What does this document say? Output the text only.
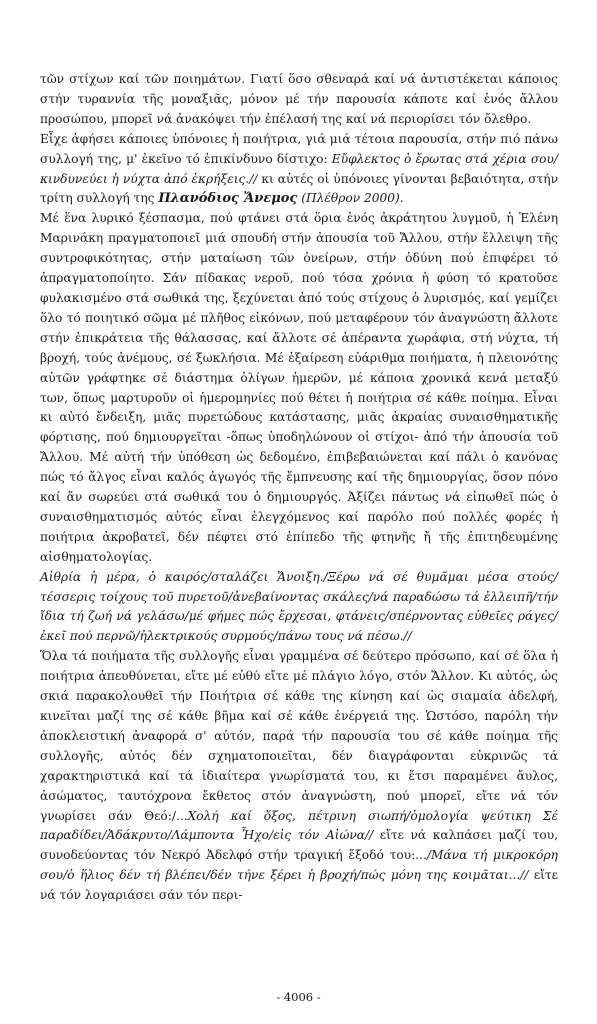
τῶν στίχων καί τῶν ποιημάτων. Γιατί ὅσο σθεναρά καί νά ἀντιστέκεται κάποιος στήν τυραννία τῆς μοναξιᾶς, μόνον μέ τήν παρουσία κάποτε καί ἑνός ἄλλου προσώπου, μπορεῖ νά ἀνακόψει τήν ἐπέλασή της καί νά περιορίσει τόν ὄλεθρο.

Εἶχε ἀφήσει κάποιες ὑπόνοιες ἡ ποιήτρια, γιά μιά τέτοια παρουσία, στήν πιό πάνω συλλογή της, μ' ἐκεῖνο τό ἐπικίνδυνο δίστιχο: Εὔφλεκτος ὁ ἔρωτας στά χέρια σου/κινδυνεύει ἡ νύχτα ἀπό ἐκρήξεις.// κι αὐτές οἱ ὑπόνοιες γίνονται βεβαιότητα, στήν τρίτη συλλογή της Πλανόδιος Ἄνεμος (Πλέθρον 2000).

Μέ ἕνα λυρικό ξέσπασμα, πού φτάνει στά ὅρια ἑνός ἀκράτητου λυγμοῦ, ἡ Ἑλένη Μαρινάκη πραγματοποιεῖ μιά σπουδή στήν ἀπουσία τοῦ Ἄλλου, στήν ἔλλειψη τῆς συντροφικότητας, στήν ματαίωση τῶν ὀνείρων, στήν ὀδύνη πού ἐπιφέρει τό ἀπραγματοποίητο. Σάν πίδακας νεροῦ, πού τόσα χρόνια ἡ φύση τό κρατοῦσε φυλακισμένο στά σωθικά της, ξεχύνεται ἀπό τούς στίχους ὁ λυρισμός, καί γεμίζει ὅλο τό ποιητικό σῶμα μέ πλῆθος εἰκόνων, πού μεταφέρουν τόν ἀναγνώστη ἄλλοτε στήν ἐπικράτεια τῆς θάλασσας, καί ἄλλοτε σέ ἀπέραντα χωράφια, στή νύχτα, τή βροχή, τούς ἀνέμους, σέ ξωκλήσια. Μέ ἐξαίρεση εὐάριθμα ποιήματα, ἡ πλειονότης αὐτῶν γράφτηκε σέ διάστημα ὀλίγων ἡμερῶν, μέ κάποια χρονικά κενά μεταξύ των, ὅπως μαρτυροῦν οἱ ἡμερομηνίες πού θέτει ἡ ποιήτρια σέ κάθε ποίημα. Εἶναι κι αὐτό ἔνδειξη, μιᾶς πυρετώδους κατάστασης, μιᾶς ἀκραίας συναισθηματικῆς φόρτισης, πού δημιουργεῖται -ὅπως ὑποδηλώνουν οἱ στίχοι- ἀπό τήν ἀπουσία τοῦ Ἄλλου. Μέ αὐτή τήν ὑπόθεση ὡς δεδομένο, ἐπιβεβαιώνεται καί πάλι ὁ κανόνας πώς τό ἄλγος εἶναι καλός ἀγωγός τῆς ἔμπνευσης καί τῆς δημιουργίας, ὅσον πόνο καί ἄν σωρεύει στά σωθικά του ὁ δημιουργός. Ἀξίζει πάντως νά εἰπωθεῖ πώς ὁ συναισθηματισμός αὐτός εἶναι ἐλεγχόμενος καί παρόλο πού πολλές φορές ἡ ποιήτρια ἀκροβατεῖ, δέν πέφτει στό ἐπίπεδο τῆς φτηνῆς ἤ τῆς ἐπιτηδευμένης αἰσθηματολογίας.

Αἰθρία ἡ μέρα, ὁ καιρός/σταλάζει Ἄνοιξη./Ξέρω νά σέ θυμᾶμαι μέσα στούς/τέσσερις τοίχους τοῦ πυρετοῦ/ἀνεβαίνοντας σκάλες/νά παραδώσω τά ἐλλειπῆ/τήν ἴδια τή ζωή νά γελάσω/μέ φήμες πώς ἔρχεσαι, φτάνεις/σπέρνοντας εὐθεῖες ράγες/ἐκεῖ πού περνῶ/ἠλεκτρικούς συρμούς/πάνω τους νά πέσω.//

Ὅλα τά ποιήματα τῆς συλλογῆς εἶναι γραμμένα σέ δεύτερο πρόσωπο, καί σέ ὅλα ἡ ποιήτρια ἀπευθύνεται, εἴτε μέ εὐθύ εἴτε μέ πλάγιο λόγο, στόν Ἄλλον. Κι αὐτός, ὡς σκιά παρακολουθεῖ τήν Ποιήτρια σέ κάθε της κίνηση καί ὡς σιαμαία ἀδελφή, κινεῖται μαζί της σέ κάθε βῆμα καί σέ κάθε ἐνέργειά της. Ὡστόσο, παρόλη τήν ἀποκλειστική ἀναφορά σ' αὐτόν, παρά τήν παρουσία του σέ κάθε ποίημα τῆς συλλογῆς, αὐτός δέν σχηματοποιεῖται, δέν διαγράφονται εὐκρινῶς τά χαρακτηριστικά καί τά ἰδιαίτερα γνωρίσματά του, κι ἔτσι παραμένει ἄυλος, ἀσώματος, ταυτόχρονα ἔκθετος στόν ἀναγνώστη, πού μπορεῖ, εἴτε νά τόν γνωρίσει σάν Θεό:/...Χολή καί ὄξος, πέτρινη σιωπή/ὁμολογία ψεύτικη Σέ παραδίδει/Ἀδάκρυτο/Λάμποντα Ἦχο/εἰς τόν Αἰώνα// εἴτε νά καλπάσει μαζί του, συνοδεύοντας τόν Νεκρό Ἀδελφό στήν τραγική ἔξοδό του:.../Μάνα τή μικροκόρη σου/ὁ ἥλιος δέν τή βλέπει/δέν τήνε ξέρει ἡ βροχή/πώς μόνη της κοιμᾶται...// εἴτε νά τόν λογαριάσει σάν τόν περι-

- 4006 -
